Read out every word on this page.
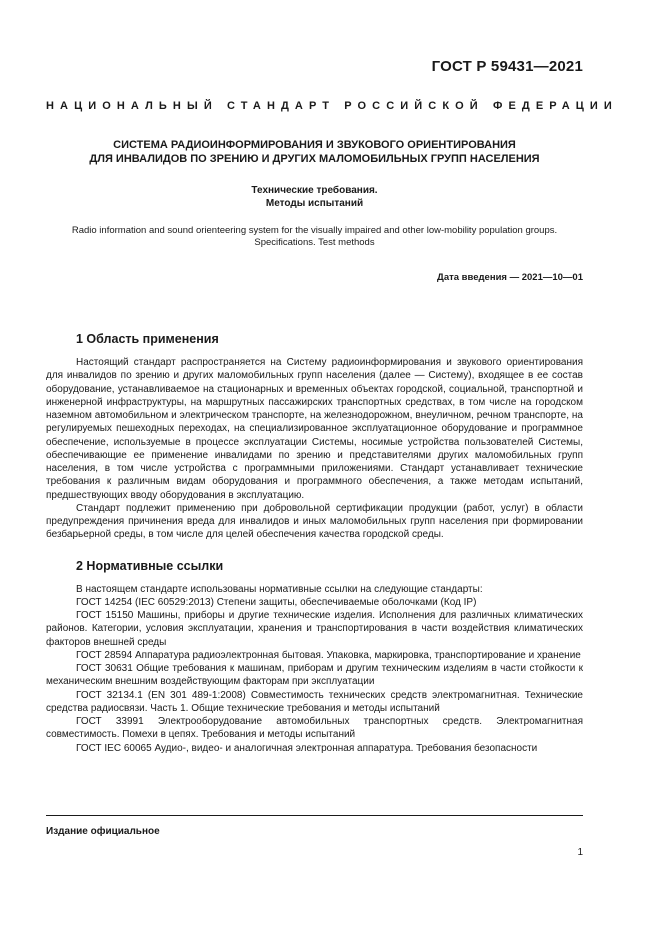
ГОСТ Р 59431—2021
НАЦИОНАЛЬНЫЙ СТАНДАРТ РОССИЙСКОЙ ФЕДЕРАЦИИ
СИСТЕМА РАДИОИНФОРМИРОВАНИЯ И ЗВУКОВОГО ОРИЕНТИРОВАНИЯ
ДЛЯ ИНВАЛИДОВ ПО ЗРЕНИЮ И ДРУГИХ МАЛОМОБИЛЬНЫХ ГРУПП НАСЕЛЕНИЯ
Технические требования.
Методы испытаний
Radio information and sound orienteering system for the visually impaired and other low-mobility population groups.
Specifications. Test methods
Дата введения — 2021—10—01
1 Область применения

Настоящий стандарт распространяется на Систему радиоинформирования и звукового ориентирования для инвалидов по зрению и других маломобильных групп населения (далее — Систему), входящее в ее состав оборудование, устанавливаемое на стационарных и временных объектах городской, социальной, транспортной и инженерной инфраструктуры, на маршрутных пассажирских транспортных средствах, в том числе на городском наземном автомобильном и электрическом транспорте, на железнодорожном, внеуличном, речном транспорте, на регулируемых пешеходных переходах, на специализированное эксплуатационное оборудование и программное обеспечение, используемые в процессе эксплуатации Системы, носимые устройства пользователей Системы, обеспечивающие ее применение инвалидами по зрению и представителями других маломобильных групп населения, в том числе устройства с программными приложениями. Стандарт устанавливает технические требования к различным видам оборудования и программного обеспечения, а также методам испытаний, предшествующих вводу оборудования в эксплуатацию.

Стандарт подлежит применению при добровольной сертификации продукции (работ, услуг) в области предупреждения причинения вреда для инвалидов и иных маломобильных групп населения при формировании безбарьерной среды, в том числе для целей обеспечения качества городской среды.

2 Нормативные ссылки

В настоящем стандарте использованы нормативные ссылки на следующие стандарты:

ГОСТ 14254 (IEC 60529:2013) Степени защиты, обеспечиваемые оболочками (Код IP)

ГОСТ 15150 Машины, приборы и другие технические изделия. Исполнения для различных климатических районов. Категории, условия эксплуатации, хранения и транспортирования в части воздействия климатических факторов внешней среды

ГОСТ 28594 Аппаратура радиоэлектронная бытовая. Упаковка, маркировка, транспортирование и хранение

ГОСТ 30631 Общие требования к машинам, приборам и другим техническим изделиям в части стойкости к механическим внешним воздействующим факторам при эксплуатации

ГОСТ 32134.1 (EN 301 489-1:2008) Совместимость технических средств электромагнитная. Технические средства радиосвязи. Часть 1. Общие технические требования и методы испытаний

ГОСТ 33991 Электрооборудование автомобильных транспортных средств. Электромагнитная совместимость. Помехи в цепях. Требования и методы испытаний

ГОСТ IEC 60065 Аудио-, видео- и аналогичная электронная аппаратура. Требования безопасности

Издание официальное
1
